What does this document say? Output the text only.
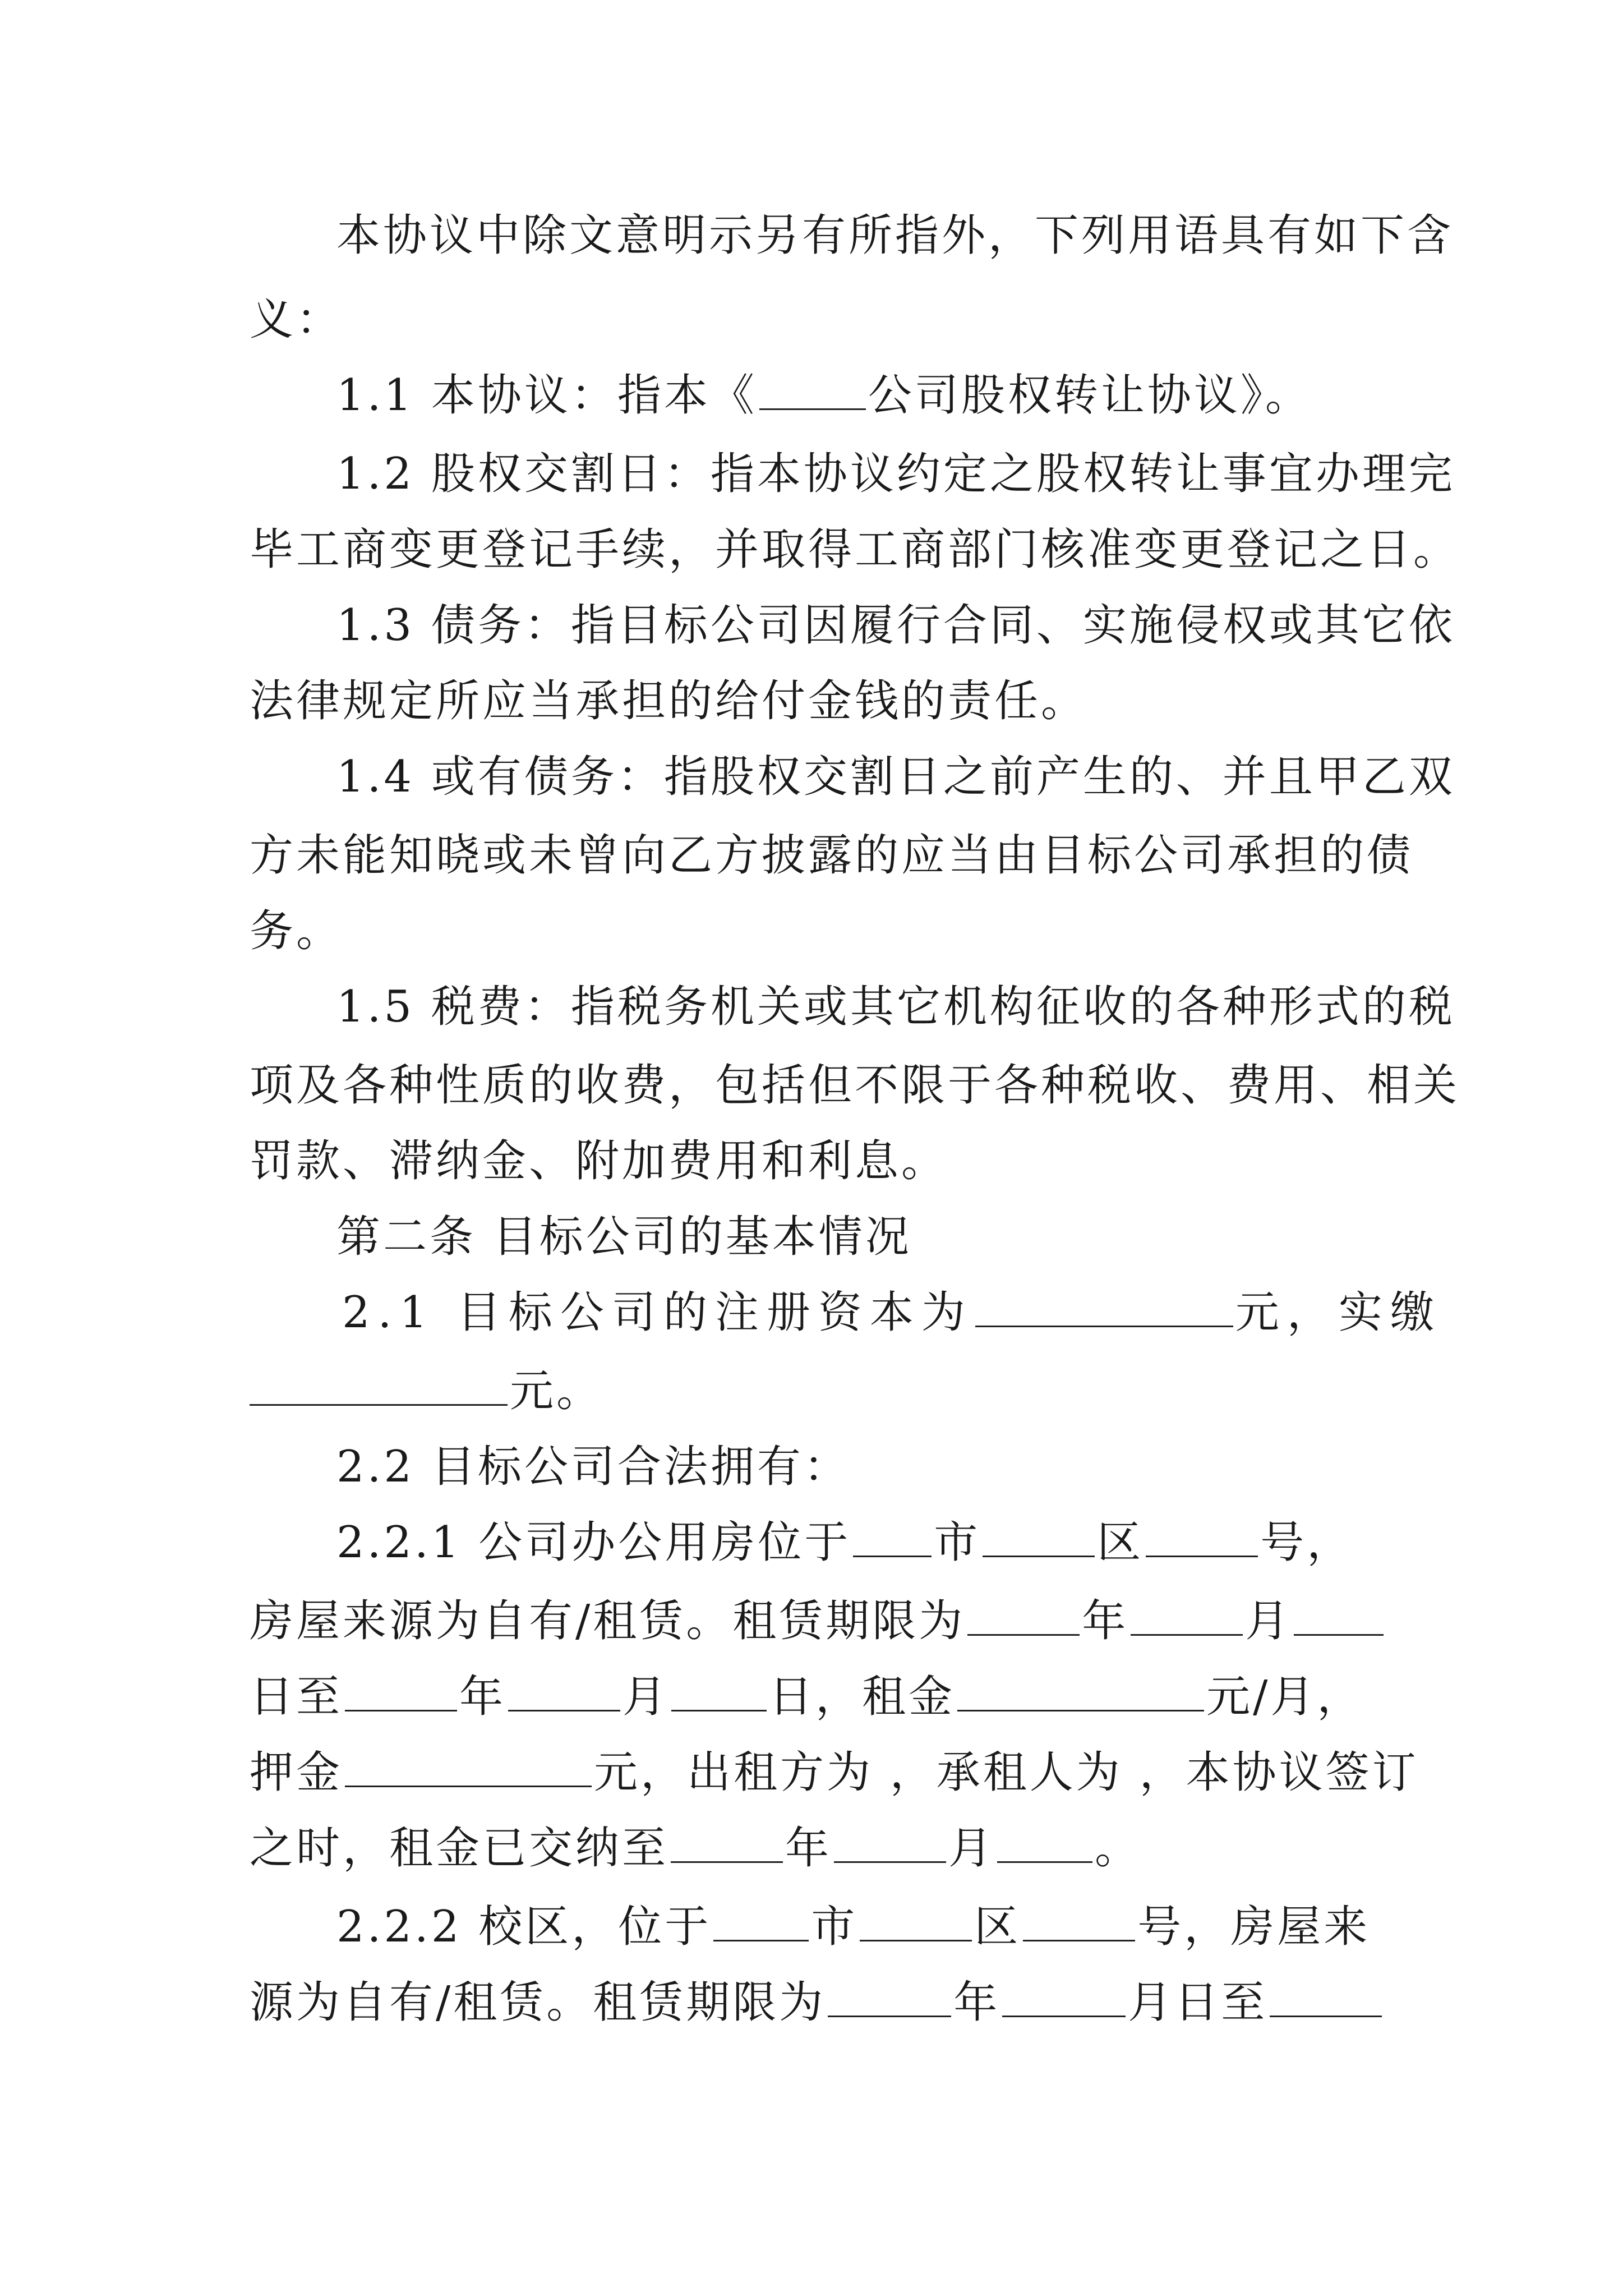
本协议中除文意明示另有所指外，下列用语具有如下含
义：
1.1 本协议：指本《	公司股权转让协议》。
1.2 股权交割日：指本协议约定之股权转让事宜办理完
毕工商变更登记手续，并取得工商部门核准变更登记之日。
1.3 债务：指目标公司因履行合同、实施侵权或其它依
法律规定所应当承担的给付金钱的责任。
1.4 或有债务：指股权交割日之前产生的、并且甲乙双
方未能知晓或未曾向乙方披露的应当由目标公司承担的债
务。
1.5 税费：指税务机关或其它机构征收的各种形式的税
项及各种性质的收费，包括但不限于各种税收、费用、相关
罚款、滞纳金、附加费用和利息。
第二条 目标公司的基本情况
2.1 目标公司的注册资本为	元，实缴
元。
2.2 目标公司合法拥有：
2.2.1 公司办公用房位于 市	区	号，
房屋来源为自有/租赁。租赁期限为	年	月
日至	年	月 日，租金	元/月，
押金	元，出租方为 ，承租人为 ，本协议签订
之时，租金已交纳至	年	月 。
2.2.2 校区，位于 市	区	号，房屋来
源为自有/租赁。租赁期限为	年	月日至
